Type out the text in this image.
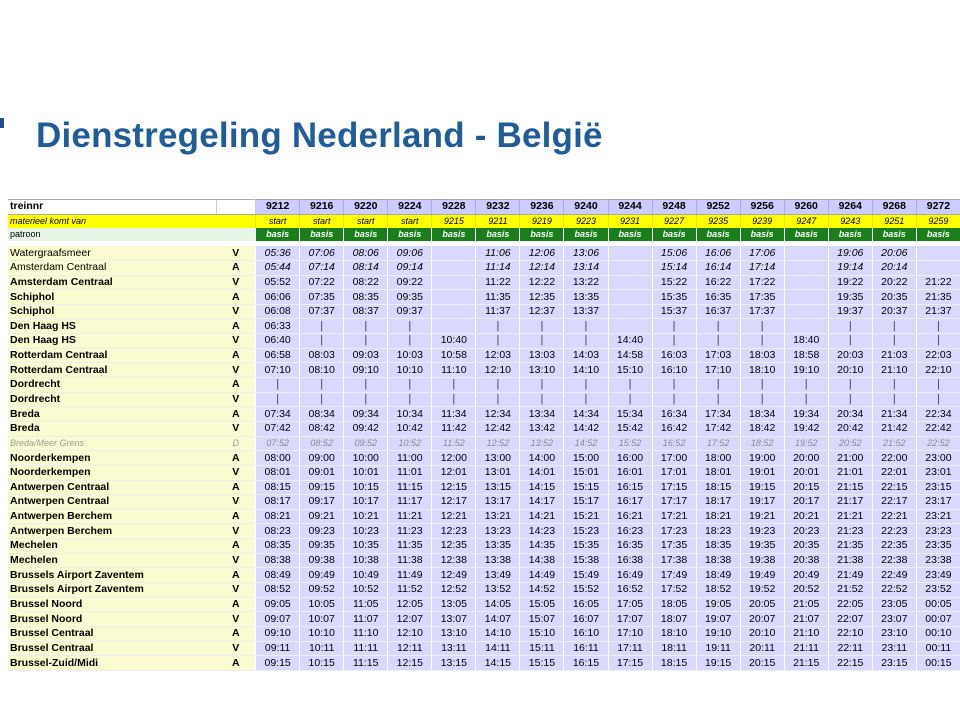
Dienstregeling Nederland - België
treinnr		9212	9216	9220	9224	9228	9232	9236	9240	9244	9248	9252	9256	9260	9264	9268	9272
materieel komt van		start	start	start	start	9215	9211	9219	9223	9231	9227	9235	9239	9247	9243	9251	9259
patroon		basis	basis	basis	basis	basis	basis	basis	basis	basis	basis	basis	basis	basis	basis	basis	basis

Watergraafsmeer	V	05:36	07:06	08:06	09:06		11:06	12:06	13:06		15:06	16:06	17:06		19:06	20:06	
Amsterdam Centraal	A	05:44	07:14	08:14	09:14		11:14	12:14	13:14		15:14	16:14	17:14		19:14	20:14	
Amsterdam Centraal	V	05:52	07:22	08:22	09:22		11:22	12:22	13:22		15:22	16:22	17:22		19:22	20:22	21:22
Schiphol	A	06:06	07:35	08:35	09:35		11:35	12:35	13:35		15:35	16:35	17:35		19:35	20:35	21:35
Schiphol	V	06:08	07:37	08:37	09:37		11:37	12:37	13:37		15:37	16:37	17:37		19:37	20:37	21:37
Den Haag HS	A	06:33	|	|	|		|	|	|		|	|	|		|	|	|
Den Haag HS	V	06:40	|	|	|	10:40	|	|	|	14:40	|	|	|	18:40	|	|	|
Rotterdam Centraal	A	06:58	08:03	09:03	10:03	10:58	12:03	13:03	14:03	14:58	16:03	17:03	18:03	18:58	20:03	21:03	22:03
Rotterdam Centraal	V	07:10	08:10	09:10	10:10	11:10	12:10	13:10	14:10	15:10	16:10	17:10	18:10	19:10	20:10	21:10	22:10
Dordrecht	A	|	|	|	|	|	|	|	|	|	|	|	|	|	|	|	|
Dordrecht	V	|	|	|	|	|	|	|	|	|	|	|	|	|	|	|	|
Breda	A	07:34	08:34	09:34	10:34	11:34	12:34	13:34	14:34	15:34	16:34	17:34	18:34	19:34	20:34	21:34	22:34
Breda	V	07:42	08:42	09:42	10:42	11:42	12:42	13:42	14:42	15:42	16:42	17:42	18:42	19:42	20:42	21:42	22:42
Breda/Meer Grens	D	07:52	08:52	09:52	10:52	11:52	12:52	13:52	14:52	15:52	16:52	17:52	18:52	19:52	20:52	21:52	22:52
Noorderkempen	A	08:00	09:00	10:00	11:00	12:00	13:00	14:00	15:00	16:00	17:00	18:00	19:00	20:00	21:00	22:00	23:00
Noorderkempen	V	08:01	09:01	10:01	11:01	12:01	13:01	14:01	15:01	16:01	17:01	18:01	19:01	20:01	21:01	22:01	23:01
Antwerpen Centraal	A	08:15	09:15	10:15	11:15	12:15	13:15	14:15	15:15	16:15	17:15	18:15	19:15	20:15	21:15	22:15	23:15
Antwerpen Centraal	V	08:17	09:17	10:17	11:17	12:17	13:17	14:17	15:17	16:17	17:17	18:17	19:17	20:17	21:17	22:17	23:17
Antwerpen Berchem	A	08:21	09:21	10:21	11:21	12:21	13:21	14:21	15:21	16:21	17:21	18:21	19:21	20:21	21:21	22:21	23:21
Antwerpen Berchem	V	08:23	09:23	10:23	11:23	12:23	13:23	14:23	15:23	16:23	17:23	18:23	19:23	20:23	21:23	22:23	23:23
Mechelen	A	08:35	09:35	10:35	11:35	12:35	13:35	14:35	15:35	16:35	17:35	18:35	19:35	20:35	21:35	22:35	23:35
Mechelen	V	08:38	09:38	10:38	11:38	12:38	13:38	14:38	15:38	16:38	17:38	18:38	19:38	20:38	21:38	22:38	23:38
Brussels Airport Zaventem	A	08:49	09:49	10:49	11:49	12:49	13:49	14:49	15:49	16:49	17:49	18:49	19:49	20:49	21:49	22:49	23:49
Brussels Airport Zaventem	V	08:52	09:52	10:52	11:52	12:52	13:52	14:52	15:52	16:52	17:52	18:52	19:52	20:52	21:52	22:52	23:52
Brussel Noord	A	09:05	10:05	11:05	12:05	13:05	14:05	15:05	16:05	17:05	18:05	19:05	20:05	21:05	22:05	23:05	00:05
Brussel Noord	V	09:07	10:07	11:07	12:07	13:07	14:07	15:07	16:07	17:07	18:07	19:07	20:07	21:07	22:07	23:07	00:07
Brussel Centraal	A	09:10	10:10	11:10	12:10	13:10	14:10	15:10	16:10	17:10	18:10	19:10	20:10	21:10	22:10	23:10	00:10
Brussel Centraal	V	09:11	10:11	11:11	12:11	13:11	14:11	15:11	16:11	17:11	18:11	19:11	20:11	21:11	22:11	23:11	00:11
Brussel-Zuid/Midi	A	09:15	10:15	11:15	12:15	13:15	14:15	15:15	16:15	17:15	18:15	19:15	20:15	21:15	22:15	23:15	00:15
